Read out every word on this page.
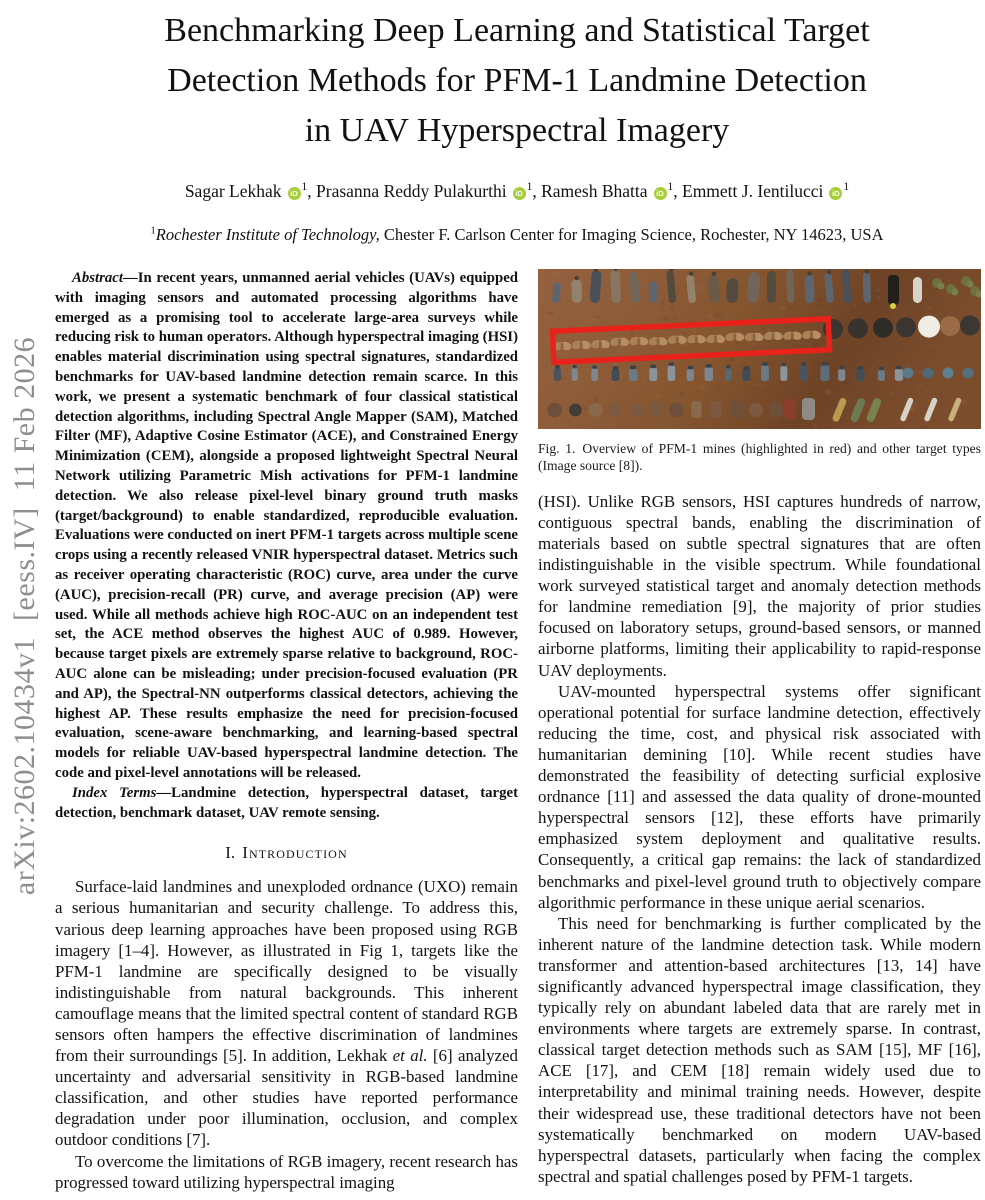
arXiv:2602.10434v1  [eess.IV]  11 Feb 2026
Benchmarking Deep Learning and Statistical Target
Detection Methods for PFM-1 Landmine Detection
in UAV Hyperspectral Imagery
Sagar Lekhak $iD^1$, Prasanna Reddy Pulakurthi $iD^1$, Ramesh Bhatta $iD^1$, Emmett J. Ientilucci $iD^1$
$^1$Rochester Institute of Technology, Chester F. Carlson Center for Imaging Science, Rochester, NY 14623, USA

Abstract—In recent years, unmanned aerial vehicles (UAVs) equipped with imaging sensors and automated processing algorithms have emerged as a promising tool to accelerate large-area surveys while reducing risk to human operators. Although hyperspectral imaging (HSI) enables material discrimination using spectral signatures, standardized benchmarks for UAV-based landmine detection remain scarce. In this work, we present a systematic benchmark of four classical statistical detection algorithms, including Spectral Angle Mapper (SAM), Matched Filter (MF), Adaptive Cosine Estimator (ACE), and Constrained Energy Minimization (CEM), alongside a proposed lightweight Spectral Neural Network utilizing Parametric Mish activations for PFM-1 landmine detection. We also release pixel-level binary ground truth masks (target/background) to enable standardized, reproducible evaluation. Evaluations were conducted on inert PFM-1 targets across multiple scene crops using a recently released VNIR hyperspectral dataset. Metrics such as receiver operating characteristic (ROC) curve, area under the curve (AUC), precision-recall (PR) curve, and average precision (AP) were used. While all methods achieve high ROC-AUC on an independent test set, the ACE method observes the highest AUC of 0.989. However, because target pixels are extremely sparse relative to background, ROC-AUC alone can be misleading; under precision-focused evaluation (PR and AP), the Spectral-NN outperforms classical detectors, achieving the highest AP. These results emphasize the need for precision-focused evaluation, scene-aware benchmarking, and learning-based spectral models for reliable UAV-based hyperspectral landmine detection. The code and pixel-level annotations will be released.

Index Terms—Landmine detection, hyperspectral dataset, target detection, benchmark dataset, UAV remote sensing.

I. Introduction

Surface-laid landmines and unexploded ordnance (UXO) remain a serious humanitarian and security challenge. To address this, various deep learning approaches have been proposed using RGB imagery [1–4]. However, as illustrated in Fig 1, targets like the PFM-1 landmine are specifically designed to be visually indistinguishable from natural backgrounds. This inherent camouflage means that the limited spectral content of standard RGB sensors often hampers the effective discrimination of landmines from their surroundings [5]. In addition, Lekhak et al. [6] analyzed uncertainty and adversarial sensitivity in RGB-based landmine classification, and other studies have reported performance degradation under poor illumination, occlusion, and complex outdoor conditions [7].

To overcome the limitations of RGB imagery, recent research has progressed toward utilizing hyperspectral imaging

Fig. 1. Overview of PFM-1 mines (highlighted in red) and other target types (Image source [8]).

(HSI). Unlike RGB sensors, HSI captures hundreds of narrow, contiguous spectral bands, enabling the discrimination of materials based on subtle spectral signatures that are often indistinguishable in the visible spectrum. While foundational work surveyed statistical target and anomaly detection methods for landmine remediation [9], the majority of prior studies focused on laboratory setups, ground-based sensors, or manned airborne platforms, limiting their applicability to rapid-response UAV deployments.

UAV-mounted hyperspectral systems offer significant operational potential for surface landmine detection, effectively reducing the time, cost, and physical risk associated with humanitarian demining [10]. While recent studies have demonstrated the feasibility of detecting surficial explosive ordnance [11] and assessed the data quality of drone-mounted hyperspectral sensors [12], these efforts have primarily emphasized system deployment and qualitative results. Consequently, a critical gap remains: the lack of standardized benchmarks and pixel-level ground truth to objectively compare algorithmic performance in these unique aerial scenarios.

This need for benchmarking is further complicated by the inherent nature of the landmine detection task. While modern transformer and attention-based architectures [13, 14] have significantly advanced hyperspectral image classification, they typically rely on abundant labeled data that are rarely met in environments where targets are extremely sparse. In contrast, classical target detection methods such as SAM [15], MF [16], ACE [17], and CEM [18] remain widely used due to interpretability and minimal training needs. However, despite their widespread use, these traditional detectors have not been systematically benchmarked on modern UAV-based hyperspectral datasets, particularly when facing the complex spectral and spatial challenges posed by PFM-1 targets.
